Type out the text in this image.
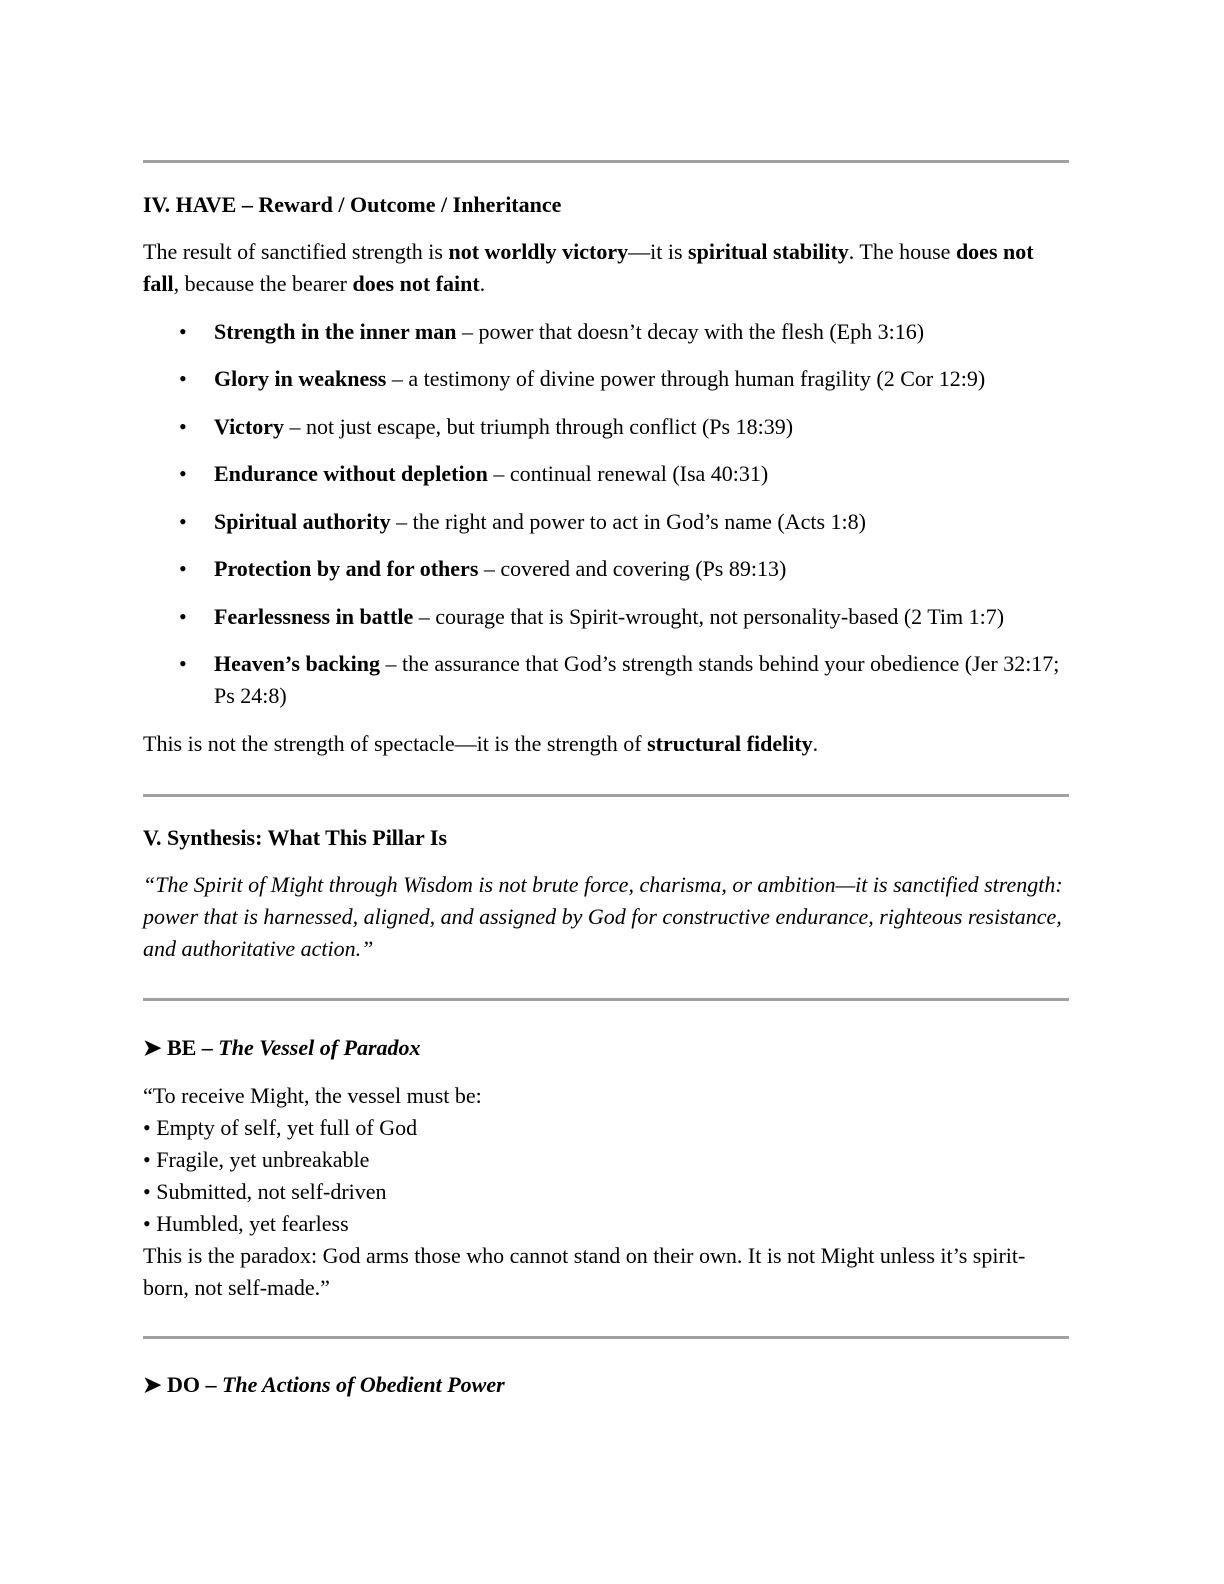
IV. HAVE – Reward / Outcome / Inheritance

The result of sanctified strength is not worldly victory—it is spiritual stability. The house does not fall, because the bearer does not faint.

• Strength in the inner man – power that doesn’t decay with the flesh (Eph 3:16)
• Glory in weakness – a testimony of divine power through human fragility (2 Cor 12:9)
• Victory – not just escape, but triumph through conflict (Ps 18:39)
• Endurance without depletion – continual renewal (Isa 40:31)
• Spiritual authority – the right and power to act in God’s name (Acts 1:8)
• Protection by and for others – covered and covering (Ps 89:13)
• Fearlessness in battle – courage that is Spirit-wrought, not personality-based (2 Tim 1:7)
• Heaven’s backing – the assurance that God’s strength stands behind your obedience (Jer 32:17; Ps 24:8)

This is not the strength of spectacle—it is the strength of structural fidelity.

V. Synthesis: What This Pillar Is

“The Spirit of Might through Wisdom is not brute force, charisma, or ambition—it is sanctified strength: power that is harnessed, aligned, and assigned by God for constructive endurance, righteous resistance, and authoritative action.”

➤ BE – The Vessel of Paradox
“To receive Might, the vessel must be:
• Empty of self, yet full of God
• Fragile, yet unbreakable
• Submitted, not self-driven
• Humbled, yet fearless
This is the paradox: God arms those who cannot stand on their own. It is not Might unless it’s spirit-born, not self-made.”
➤ DO – The Actions of Obedient Power
